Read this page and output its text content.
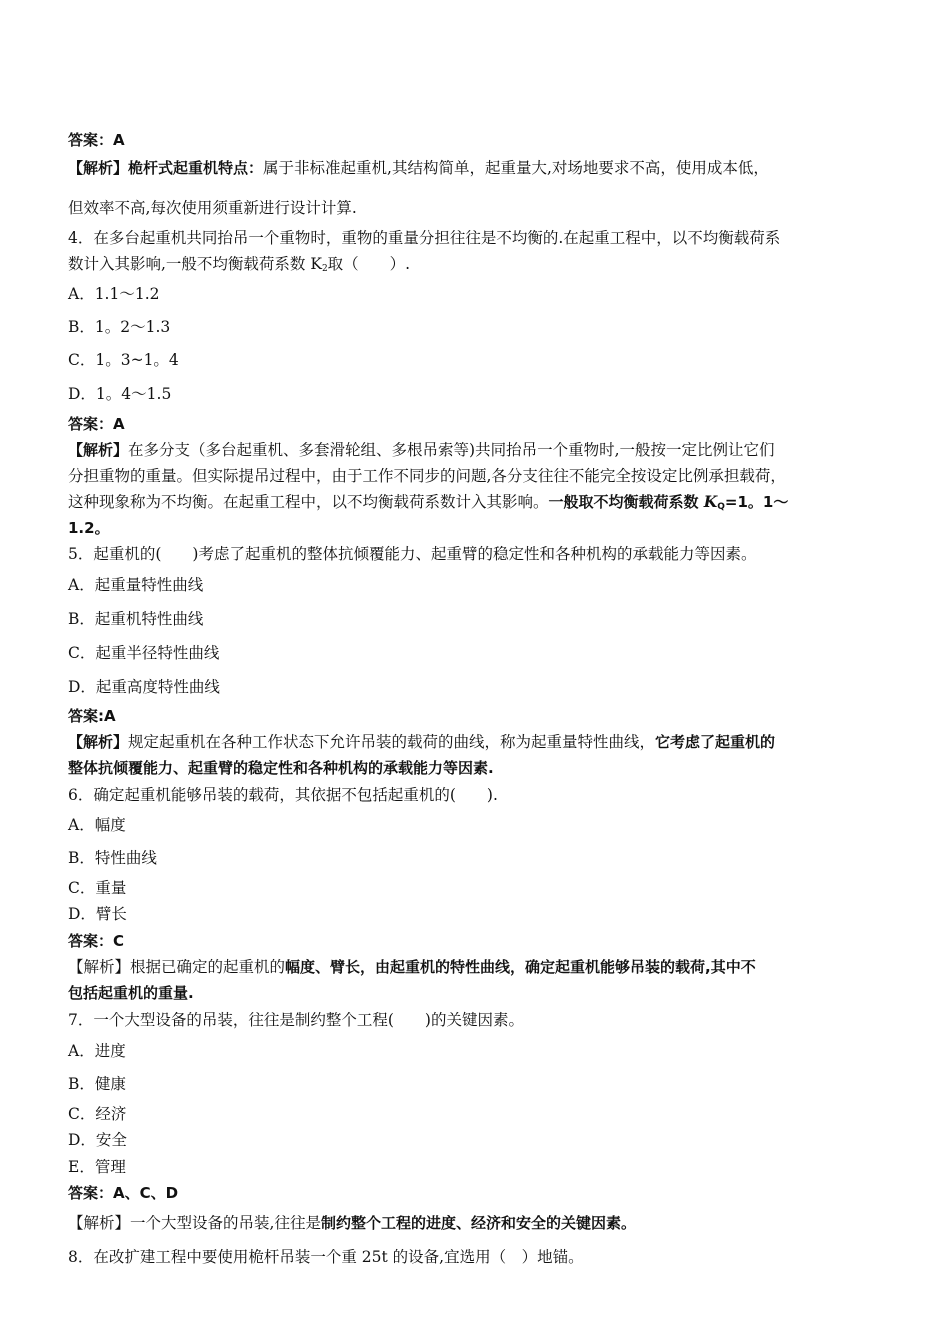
答案：A
【解析】桅杆式起重机特点：属于非标准起重机,其结构简单，起重量大,对场地要求不高，使用成本低，
但效率不高,每次使用须重新进行设计计算.
4．在多台起重机共同抬吊一个重物时，重物的重量分担往往是不均衡的.在起重工程中，以不均衡载荷系
数计入其影响,一般不均衡载荷系数 $K_2$取（　　）.
A．1.1～1.2
B．1。2～1.3
C．1。3~1。4
D．1。4～1.5
答案：A
【解析】在多分支（多台起重机、多套滑轮组、多根吊索等)共同抬吊一个重物时,一般按一定比例让它们
分担重物的重量。但实际提吊过程中，由于工作不同步的问题,各分支往往不能完全按设定比例承担载荷，
这种现象称为不均衡。在起重工程中，以不均衡载荷系数计入其影响。一般取不均衡载荷系数 $K_Q=1$。1～
1.2。
5．起重机的(　　)考虑了起重机的整体抗倾覆能力、起重臂的稳定性和各种机构的承载能力等因素。
A．起重量特性曲线
B．起重机特性曲线
C．起重半径特性曲线
D．起重高度特性曲线
答案:A
【解析】规定起重机在各种工作状态下允许吊装的载荷的曲线，称为起重量特性曲线，它考虑了起重机的
整体抗倾覆能力、起重臂的稳定性和各种机构的承载能力等因素.
6．确定起重机能够吊装的载荷，其依据不包括起重机的(　　).
A．幅度
B．特性曲线
C．重量
D．臂长
答案：C
【解析】根据已确定的起重机的幅度、臂长，由起重机的特性曲线，确定起重机能够吊装的载荷,其中不
包括起重机的重量.
7．一个大型设备的吊装，往往是制约整个工程(　　)的关键因素。
A．进度
B．健康
C．经济
D．安全
E．管理
答案：A、C、D
【解析】一个大型设备的吊装,往往是制约整个工程的进度、经济和安全的关键因素。
8．在改扩建工程中要使用桅杆吊装一个重 25t 的设备,宜选用（　）地锚。
